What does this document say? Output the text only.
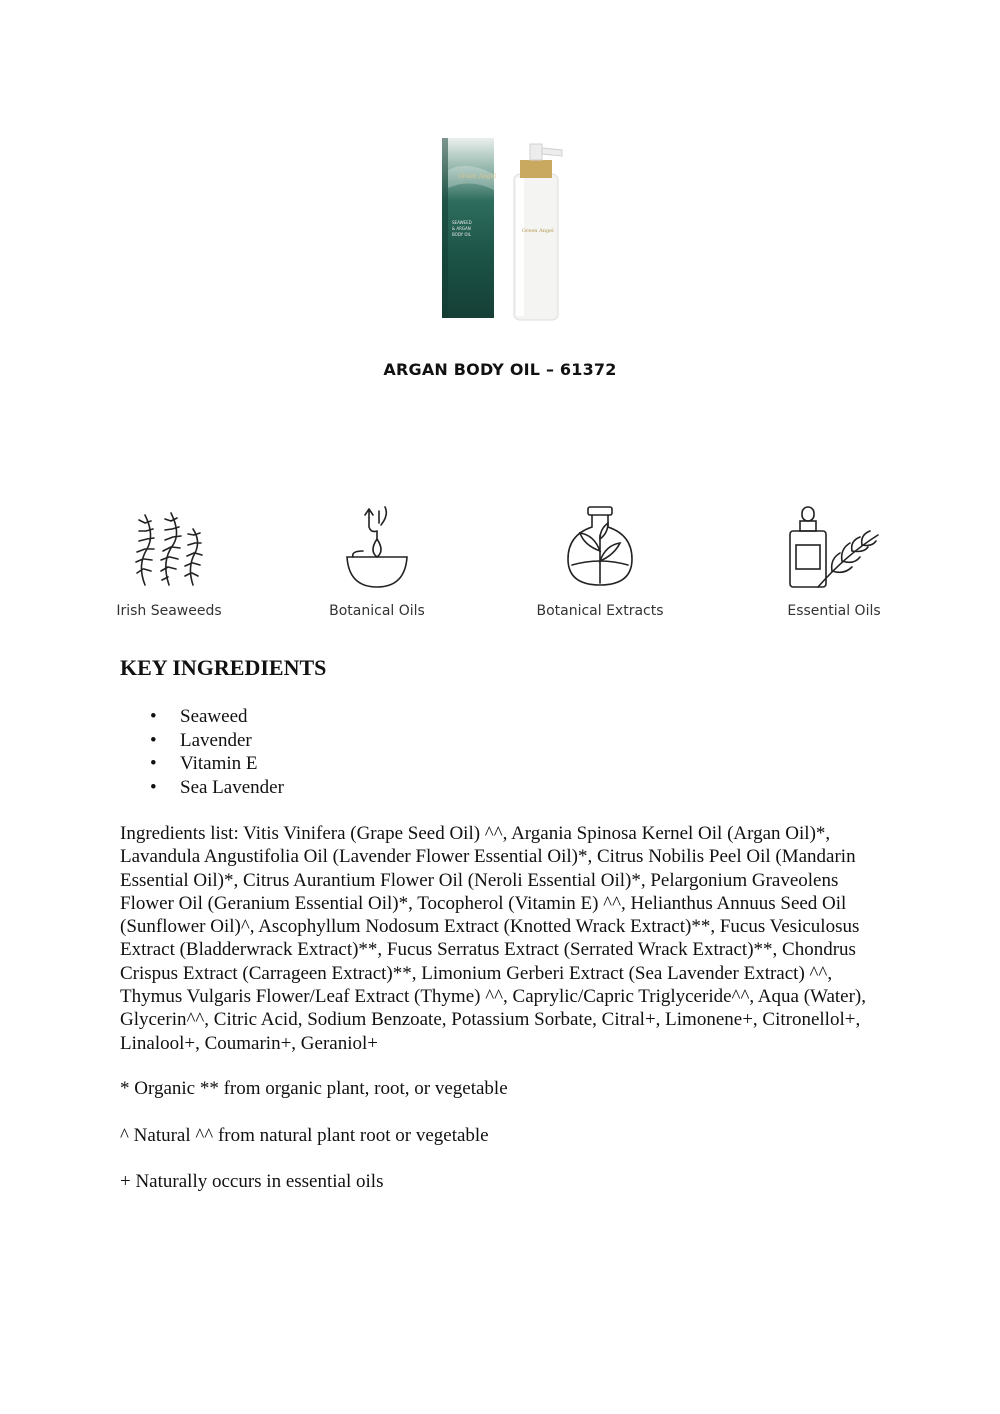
Green Angel
SEAWEED
& ARGAN
BODY OIL
Green Angel
ARGAN BODY OIL – 61372
Irish Seaweeds	Botanical Oils	Botanical Extracts	Essential Oils
KEY INGREDIENTS
• Seaweed
• Lavender
• Vitamin E
• Sea Lavender

Ingredients list: Vitis Vinifera (Grape Seed Oil) ^^, Argania Spinosa Kernel Oil (Argan Oil)*, Lavandula Angustifolia Oil (Lavender Flower Essential Oil)*, Citrus Nobilis Peel Oil (Mandarin Essential Oil)*, Citrus Aurantium Flower Oil (Neroli Essential Oil)*, Pelargonium Graveolens Flower Oil (Geranium Essential Oil)*, Tocopherol (Vitamin E) ^^, Helianthus Annuus Seed Oil (Sunflower Oil)^, Ascophyllum Nodosum Extract (Knotted Wrack Extract)**, Fucus Vesiculosus Extract (Bladderwrack Extract)**, Fucus Serratus Extract (Serrated Wrack Extract)**, Chondrus Crispus Extract (Carrageen Extract)**, Limonium Gerberi Extract (Sea Lavender Extract) ^^, Thymus Vulgaris Flower/Leaf Extract (Thyme) ^^, Caprylic/Capric Triglyceride^^, Aqua (Water), Glycerin^^, Citric Acid, Sodium Benzoate, Potassium Sorbate, Citral+, Limonene+, Citronellol+, Linalool+, Coumarin+, Geraniol+

* Organic ** from organic plant, root, or vegetable

^ Natural ^^ from natural plant root or vegetable

+ Naturally occurs in essential oils
